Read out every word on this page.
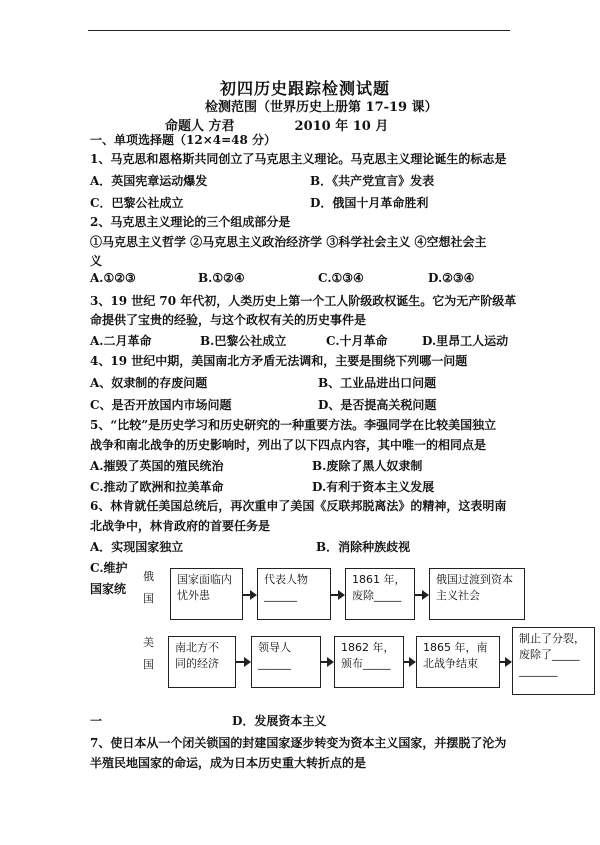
初四历史跟踪检测试题
检测范围（世界历史上册第 17-19 课）
命题人 方君	2010 年 10 月
一、单项选择题（12×4=48 分）
1、马克思和恩格斯共同创立了马克思主义理论。马克思主义理论诞生的标志是
A．英国宪章运动爆发	B．《共产党宣言》发表
C．巴黎公社成立	D．俄国十月革命胜利
2、马克思主义理论的三个组成部分是
①马克思主义哲学 ②马克思主义政治经济学 ③科学社会主义 ④空想社会主
义
A.①②③	B.①②④	C.①③④	D.②③④
3、19 世纪 70 年代初，人类历史上第一个工人阶级政权诞生。它为无产阶级革
命提供了宝贵的经验，与这个政权有关的历史事件是
A.二月革命	B.巴黎公社成立	C.十月革命	D.里昂工人运动
4、19 世纪中期，美国南北方矛盾无法调和，主要是围绕下列哪一问题
A、奴隶制的存废问题	B、工业品进出口问题
C、是否开放国内市场问题	D、是否提高关税问题
5、“比较”是历史学习和历史研究的一种重要方法。李强同学在比较美国独立
战争和南北战争的历史影响时，列出了以下四点内容，其中唯一的相同点是
A.摧毁了英国的殖民统治	B.废除了黑人奴隶制
C.推动了欧洲和拉美革命	D.有利于资本主义发展
6、林肯就任美国总统后，再次重申了美国《反联邦脱离法》的精神，这表明南
北战争中，林肯政府的首要任务是
A．实现国家独立	B．消除种族歧视
C.维护
国家统
俄国
国家面临内忧外患
代表人物______
1861 年，废除_____
俄国过渡到资本主义社会
美国
南北方不同的经济
领导人______
1862 年，颁布_____
1865 年，南北战争结束
制止了分裂，废除了_____ _______
一	D．发展资本主义
7、使日本从一个闭关锁国的封建国家逐步转变为资本主义国家，并摆脱了沦为
半殖民地国家的命运，成为日本历史重大转折点的是
